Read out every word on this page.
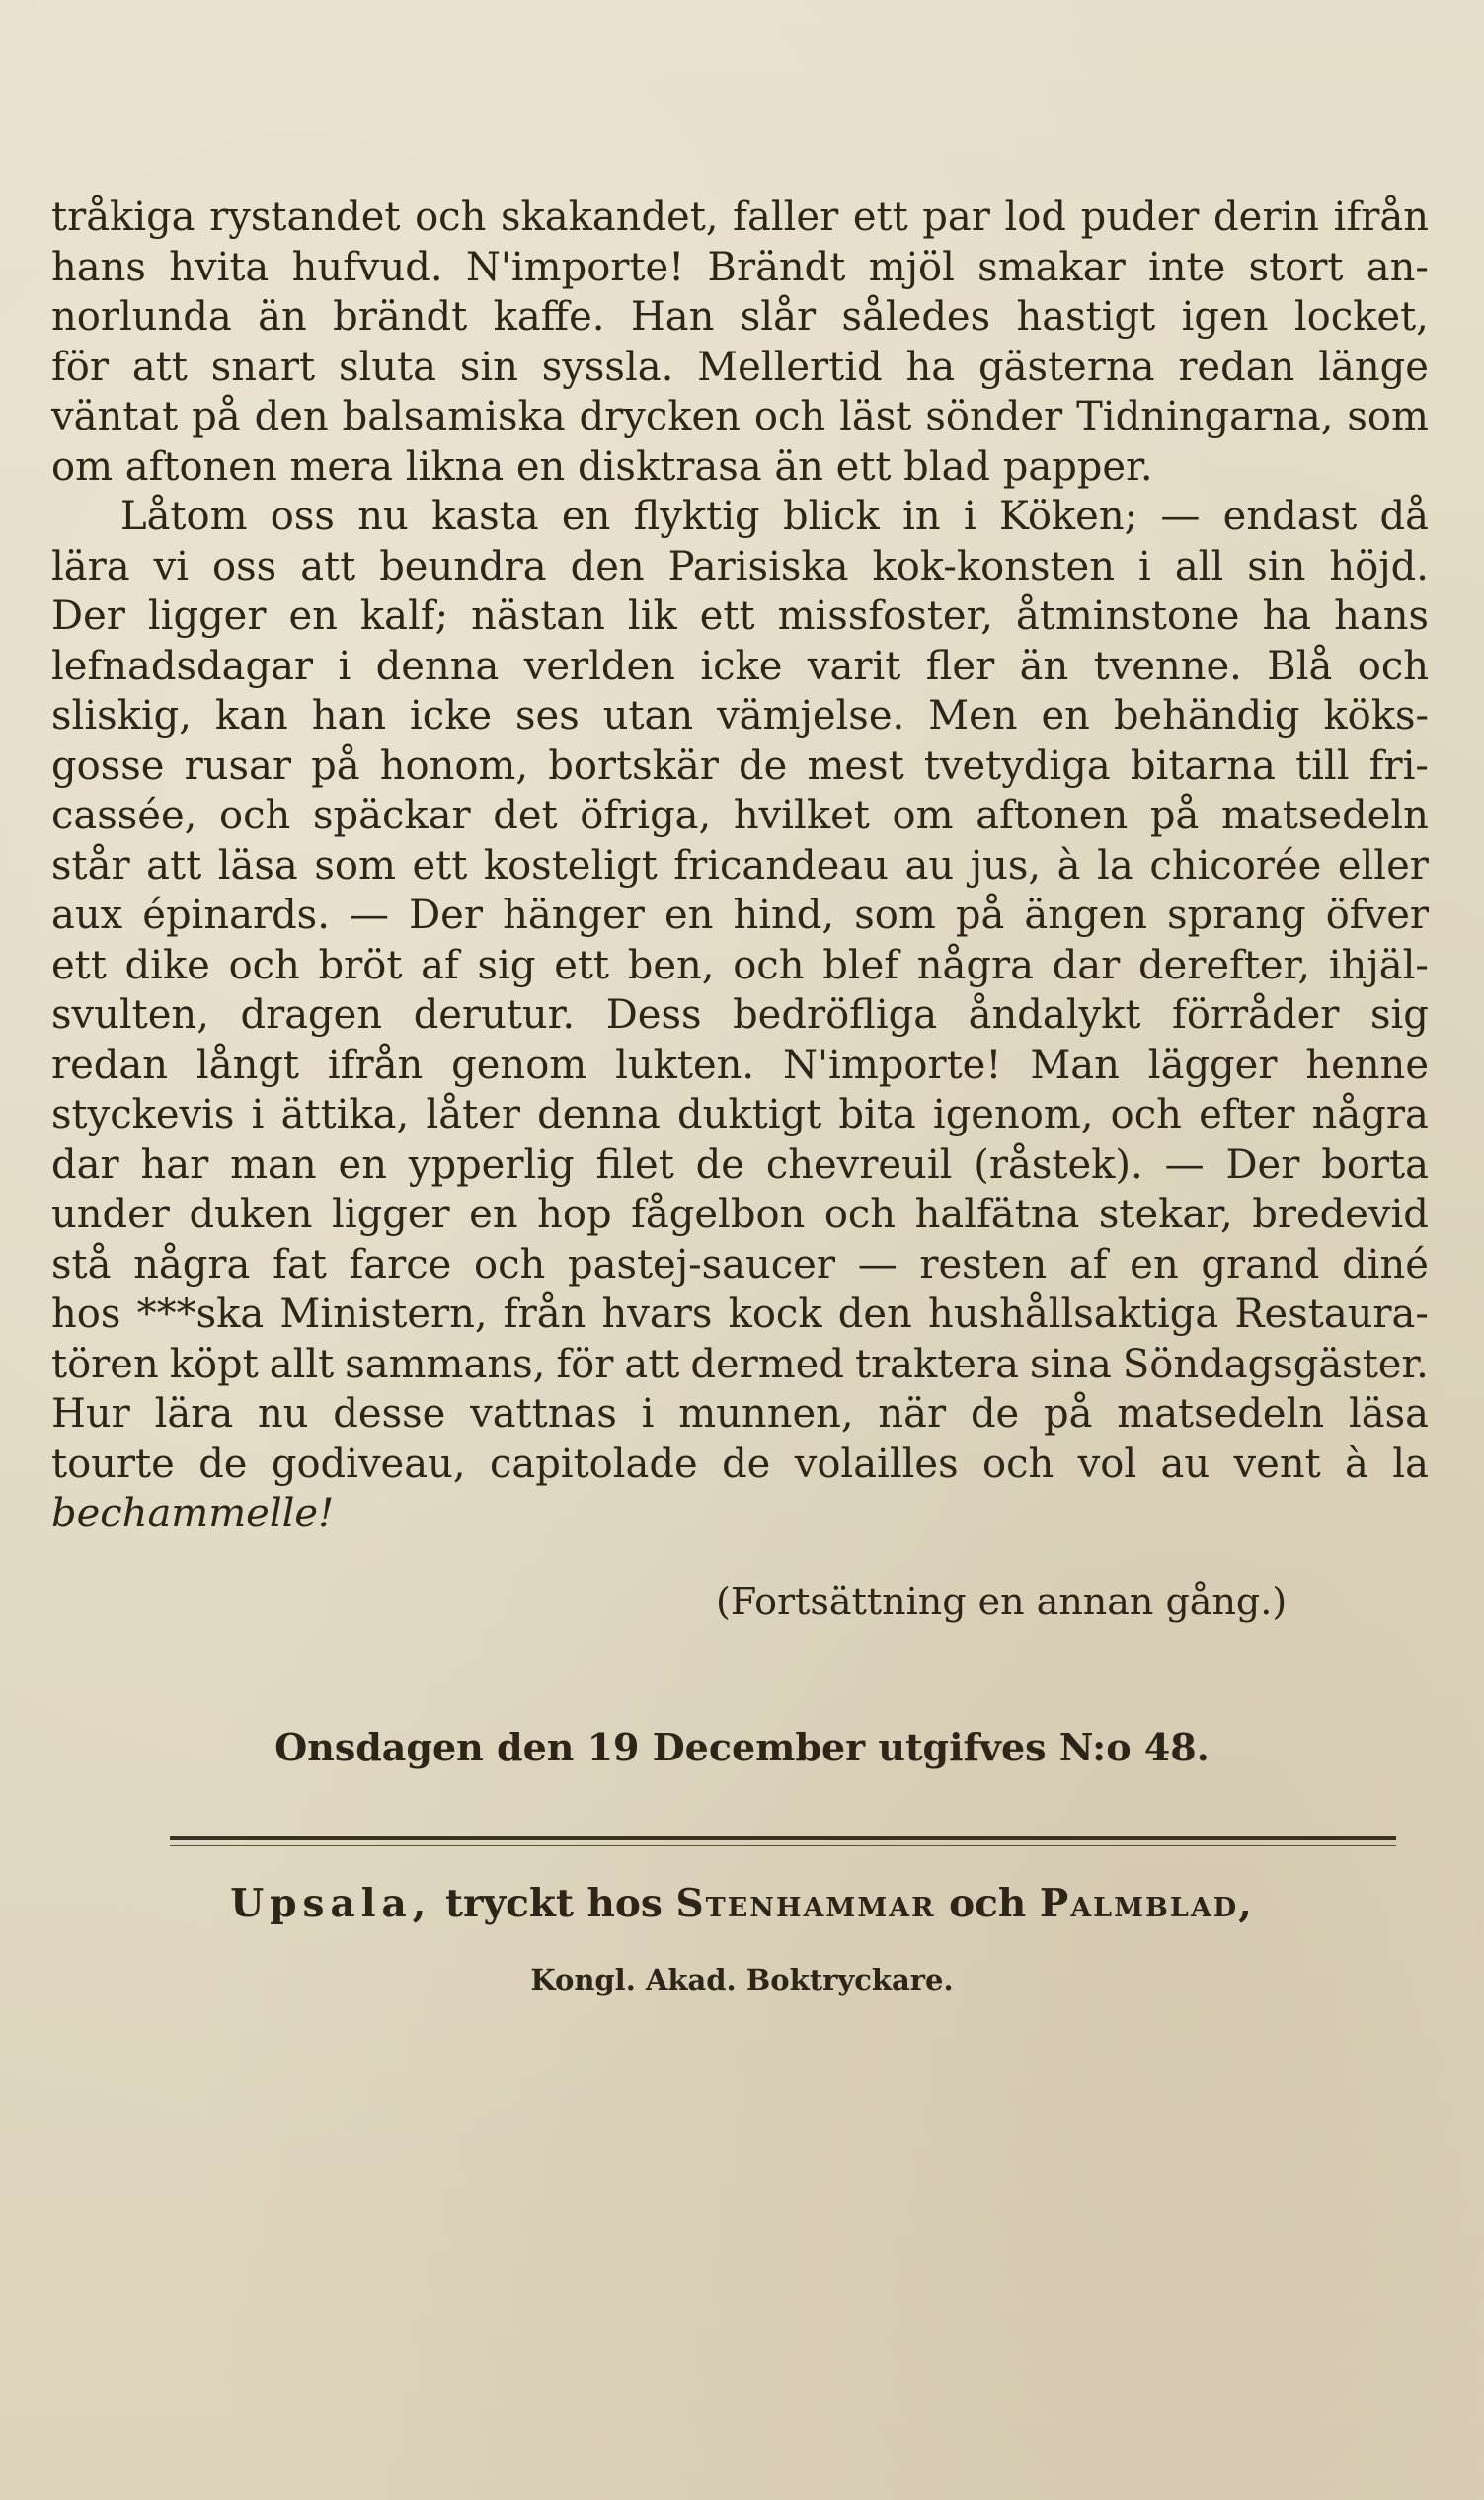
tråkiga rystandet och skakandet, faller ett par lod puder derin ifrån
hans hvita hufvud. N'importe! Brändt mjöl smakar inte stort an-
norlunda än brändt kaffe. Han slår således hastigt igen locket,
för att snart sluta sin syssla. Mellertid ha gästerna redan länge
väntat på den balsamiska drycken och läst sönder Tidningarna, som
om aftonen mera likna en disktrasa än ett blad papper.
Låtom oss nu kasta en flyktig blick in i Köken; — endast då
lära vi oss att beundra den Parisiska kok-konsten i all sin höjd.
Der ligger en kalf; nästan lik ett missfoster, åtminstone ha hans
lefnadsdagar i denna verlden icke varit fler än tvenne. Blå och
sliskig, kan han icke ses utan vämjelse. Men en behändig köks-
gosse rusar på honom, bortskär de mest tvetydiga bitarna till fri-
cassée, och späckar det öfriga, hvilket om aftonen på matsedeln
står att läsa som ett kosteligt fricandeau au jus, à la chicorée eller
aux épinards. — Der hänger en hind, som på ängen sprang öfver
ett dike och bröt af sig ett ben, och blef några dar derefter, ihjäl-
svulten, dragen derutur. Dess bedröfliga åndalykt förråder sig
redan långt ifrån genom lukten. N'importe! Man lägger henne
styckevis i ättika, låter denna duktigt bita igenom, och efter några
dar har man en ypperlig filet de chevreuil (råstek). — Der borta
under duken ligger en hop fågelbon och halfätna stekar, bredevid
stå några fat farce och pastej-saucer — resten af en grand diné
hos ***ska Ministern, från hvars kock den hushållsaktiga Restaura-
tören köpt allt sammans, för att dermed traktera sina Söndagsgäster.
Hur lära nu desse vattnas i munnen, när de på matsedeln läsa
tourte de godiveau, capitolade de volailles och vol au vent à la
bechammelle!
(Fortsättning en annan gång.)
Onsdagen den 19 December utgifves N:o 48.
Upsala, tryckt hos Stenhammar och Palmblad,
Kongl. Akad. Boktryckare.
